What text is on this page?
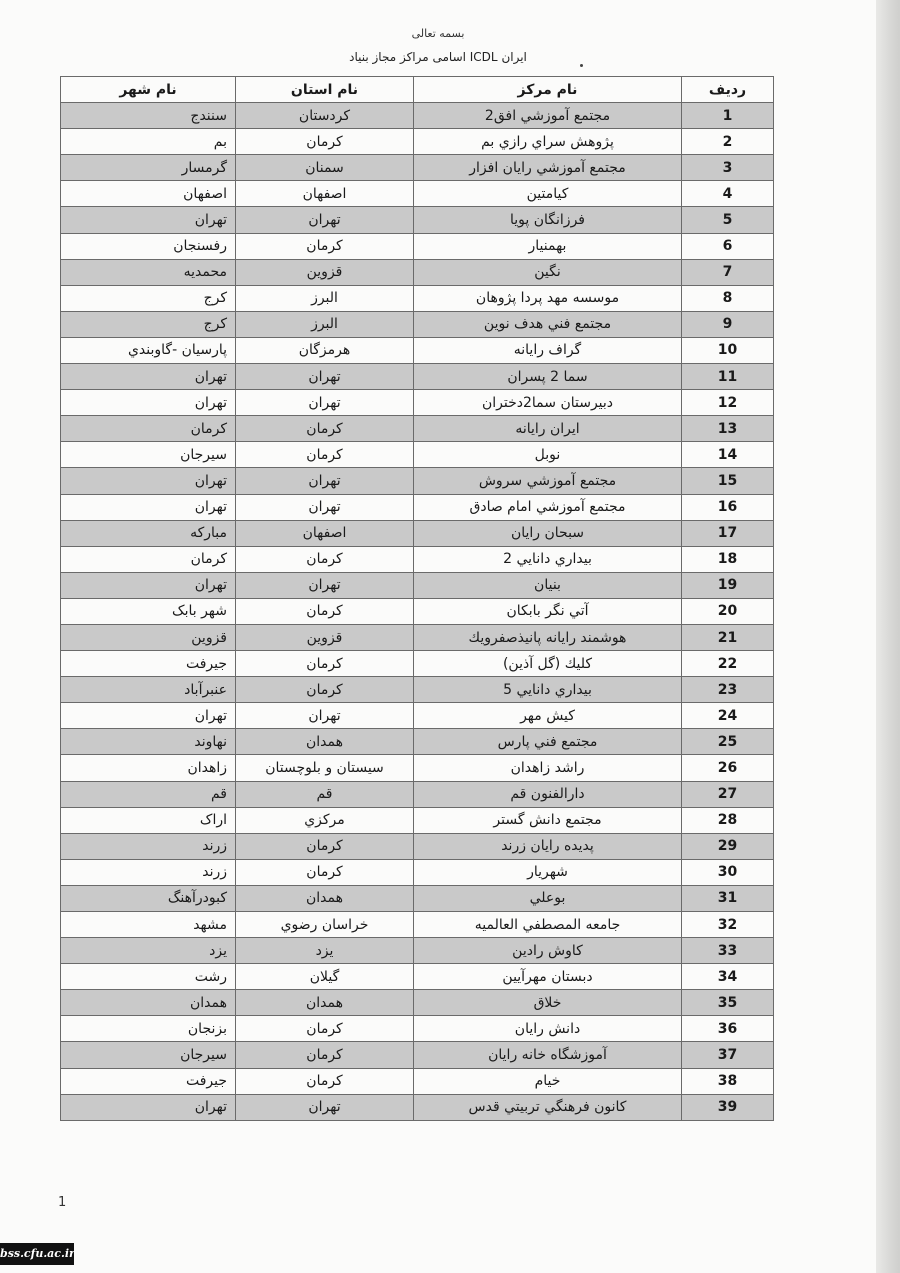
بسمه تعالی
اسامی مراکز مجاز بنیاد ICDL ایران
ردیف	نام مرکز	نام استان	نام شهر
1	مجتمع آموزشي افق2	كردستان	سنندج
2	پژوهش سراي رازي بم	كرمان	بم
3	مجتمع آموزشي رايان افزار	سمنان	گرمسار
4	كيامتين	اصفهان	اصفهان
5	فرزانگان پويا	تهران	تهران
6	بهمنيار	كرمان	رفسنجان
7	نگين	قزوين	محمديه
8	موسسه مهد پردا پژوهان	البرز	كرج
9	مجتمع فني هدف نوين	البرز	كرج
10	گراف رايانه	هرمزگان	پارسيان -گاوبندي
11	سما 2 پسران	تهران	تهران
12	دبيرستان سما2دختران	تهران	تهران
13	ايران رايانه	كرمان	كرمان
14	نوبل	كرمان	سيرجان
15	مجتمع آموزشي سروش	تهران	تهران
16	مجتمع آموزشي امام صادق	تهران	تهران
17	سبحان رايان	اصفهان	مباركه
18	بيداري دانايي 2	كرمان	كرمان
19	بنيان	تهران	تهران
20	آتي نگر بابكان	كرمان	شهر بابک
21	هوشمند رايانه پانيذصفرويك	قزوين	قزوين
22	كليك (گل آذين)	كرمان	جيرفت
23	بيداري دانايي 5	كرمان	عنبرآباد
24	كيش مهر	تهران	تهران
25	مجتمع فني پارس	همدان	نهاوند
26	راشد زاهدان	سيستان و بلوچستان	زاهدان
27	دارالفنون قم	قم	قم
28	مجتمع دانش گستر	مركزي	اراک
29	پديده رايان زرند	كرمان	زرند
30	شهريار	كرمان	زرند
31	بوعلي	همدان	كبودرآهنگ
32	جامعه المصطفي العالميه	خراسان رضوي	مشهد
33	كاوش رادين	يزد	يزد
34	دبستان مهرآيين	گيلان	رشت
35	خلاق	همدان	همدان
36	دانش رايان	كرمان	بزنجان
37	آموزشگاه خانه رايان	كرمان	سيرجان
38	خيام	كرمان	جيرفت
39	كانون فرهنگي تربيتي قدس	تهران	تهران
1
bss.cfu.ac.ir
